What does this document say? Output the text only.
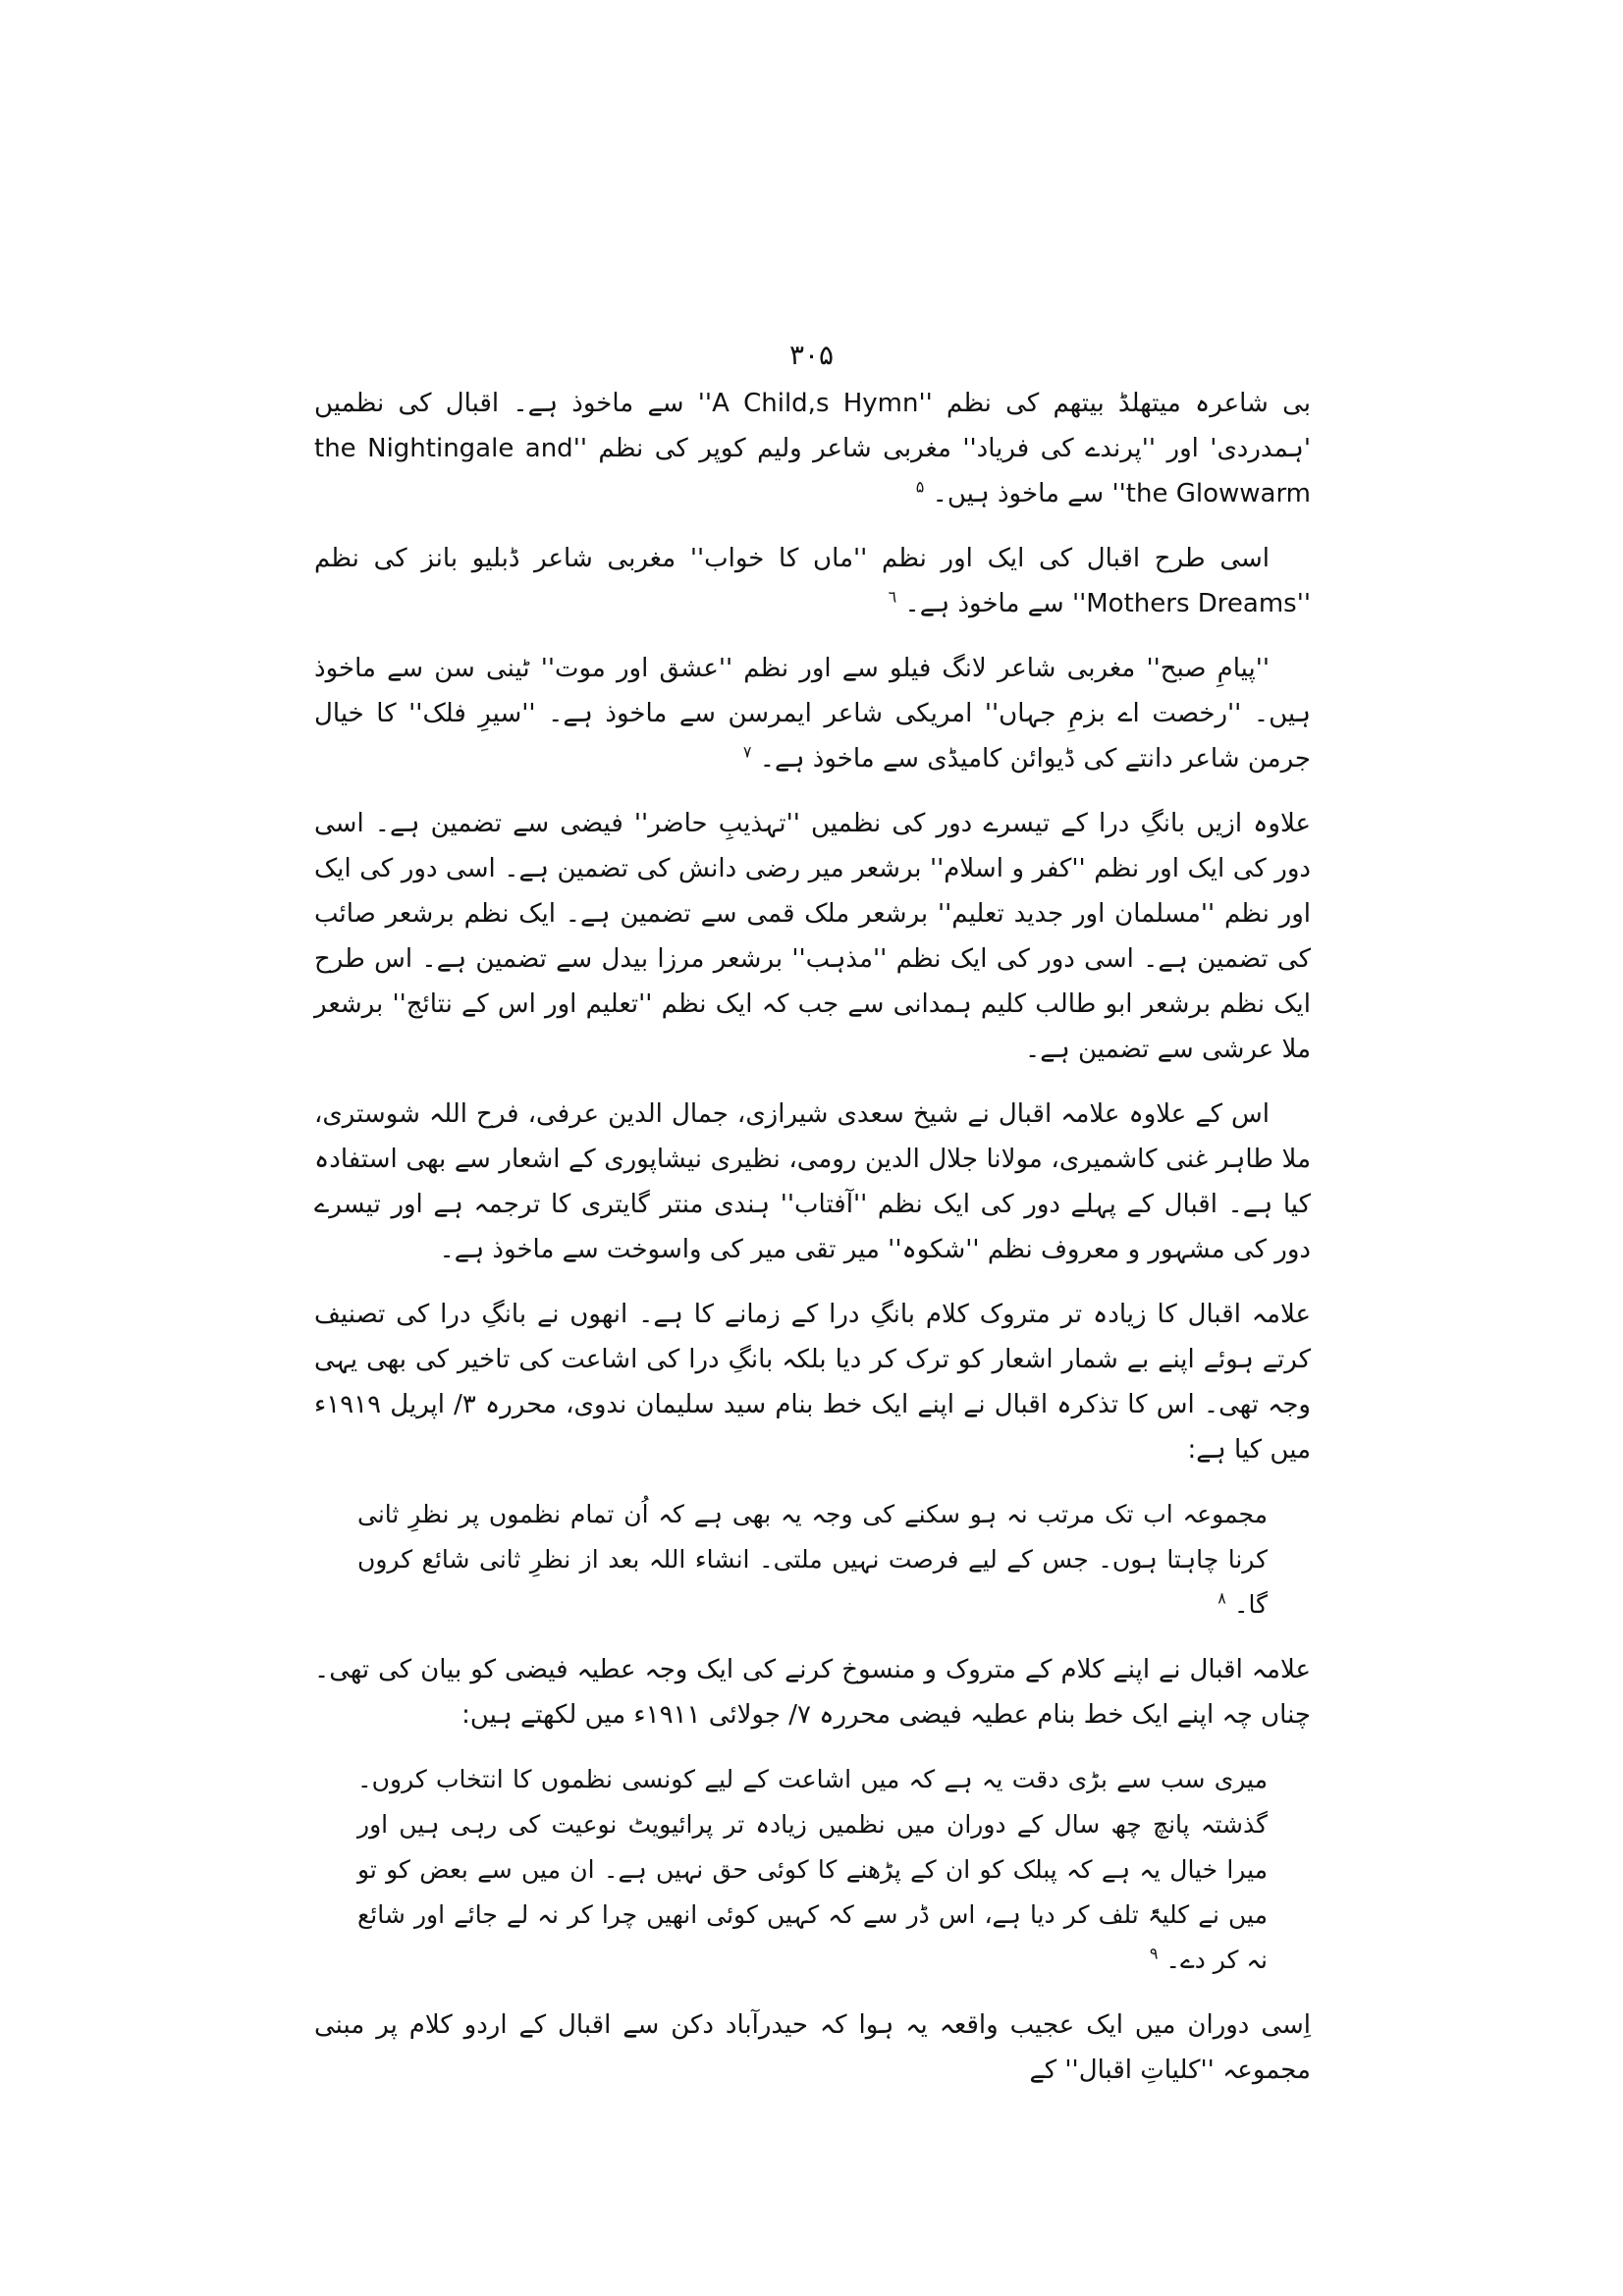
۳۰۵

بی شاعرہ میتھلڈ بیتھم کی نظم ''A Child,s Hymn'' سے ماخوذ ہے۔ اقبال کی نظمیں 'ہمدردی' اور ''پرندے کی فریاد'' مغربی شاعر ولیم کوپر کی نظم ''the Nightingale and the Glowwarm'' سے ماخوذ ہیں۔ $^۵$

اسی طرح اقبال کی ایک اور نظم ''ماں کا خواب'' مغربی شاعر ڈبلیو بانز کی نظم ''Mothers Dreams'' سے ماخوذ ہے۔ $^٦$

''پیامِ صبح'' مغربی شاعر لانگ فیلو سے اور نظم ''عشق اور موت'' ٹینی سن سے ماخوذ ہیں۔ ''رخصت اے بزمِ جہاں'' امریکی شاعر ایمرسن سے ماخوذ ہے۔ ''سیرِ فلک'' کا خیال جرمن شاعر دانتے کی ڈیوائن کامیڈی سے ماخوذ ہے۔ $^٧$

علاوہ ازیں بانگِ درا کے تیسرے دور کی نظمیں ''تہذیبِ حاضر'' فیضی سے تضمین ہے۔ اسی دور کی ایک اور نظم ''کفر و اسلام'' برشعر میر رضی دانش کی تضمین ہے۔ اسی دور کی ایک اور نظم ''مسلمان اور جدید تعلیم'' برشعر ملک قمی سے تضمین ہے۔ ایک نظم برشعر صائب کی تضمین ہے۔ اسی دور کی ایک نظم ''مذہب'' برشعر مرزا بیدل سے تضمین ہے۔ اس طرح ایک نظم برشعر ابو طالب کلیم ہمدانی سے جب کہ ایک نظم ''تعلیم اور اس کے نتائج'' برشعر ملا عرشی سے تضمین ہے۔

اس کے علاوہ علامہ اقبال نے شیخ سعدی شیرازی، جمال الدین عرفی، فرح اللہ شوستری، ملا طاہر غنی کاشمیری، مولانا جلال الدین رومی، نظیری نیشاپوری کے اشعار سے بھی استفادہ کیا ہے۔ اقبال کے پہلے دور کی ایک نظم ''آفتاب'' ہندی منتر گایتری کا ترجمہ ہے اور تیسرے دور کی مشہور و معروف نظم ''شکوہ'' میر تقی میر کی واسوخت سے ماخوذ ہے۔

علامہ اقبال کا زیادہ تر متروک کلام بانگِ درا کے زمانے کا ہے۔ انھوں نے بانگِ درا کی تصنیف کرتے ہوئے اپنے بے شمار اشعار کو ترک کر دیا بلکہ بانگِ درا کی اشاعت کی تاخیر کی بھی یہی وجہ تھی۔ اس کا تذکرہ اقبال نے اپنے ایک خط بنام سید سلیمان ندوی، محررہ ۳/ اپریل ۱۹۱۹ء میں کیا ہے:

مجموعہ اب تک مرتب نہ ہو سکنے کی وجہ یہ بھی ہے کہ اُن تمام نظموں پر نظرِ ثانی کرنا چاہتا ہوں۔ جس کے لیے فرصت نہیں ملتی۔ انشاء اللہ بعد از نظرِ ثانی شائع کروں گا۔ $^۸$

علامہ اقبال نے اپنے کلام کے متروک و منسوخ کرنے کی ایک وجہ عطیہ فیضی کو بیان کی تھی۔ چناں چہ اپنے ایک خط بنام عطیہ فیضی محررہ ۷/ جولائی ۱۹۱۱ء میں لکھتے ہیں:

میری سب سے بڑی دقت یہ ہے کہ میں اشاعت کے لیے کونسی نظموں کا انتخاب کروں۔ گذشتہ پانچ چھ سال کے دوران میں نظمیں زیادہ تر پرائیویٹ نوعیت کی رہی ہیں اور میرا خیال یہ ہے کہ پبلک کو ان کے پڑھنے کا کوئی حق نہیں ہے۔ ان میں سے بعض کو تو میں نے کلیۃً تلف کر دیا ہے، اس ڈر سے کہ کہیں کوئی انھیں چرا کر نہ لے جائے اور شائع نہ کر دے۔ $^۹$

اِسی دوران میں ایک عجیب واقعہ یہ ہوا کہ حیدرآباد دکن سے اقبال کے اردو کلام پر مبنی مجموعہ ''کلیاتِ اقبال'' کے
